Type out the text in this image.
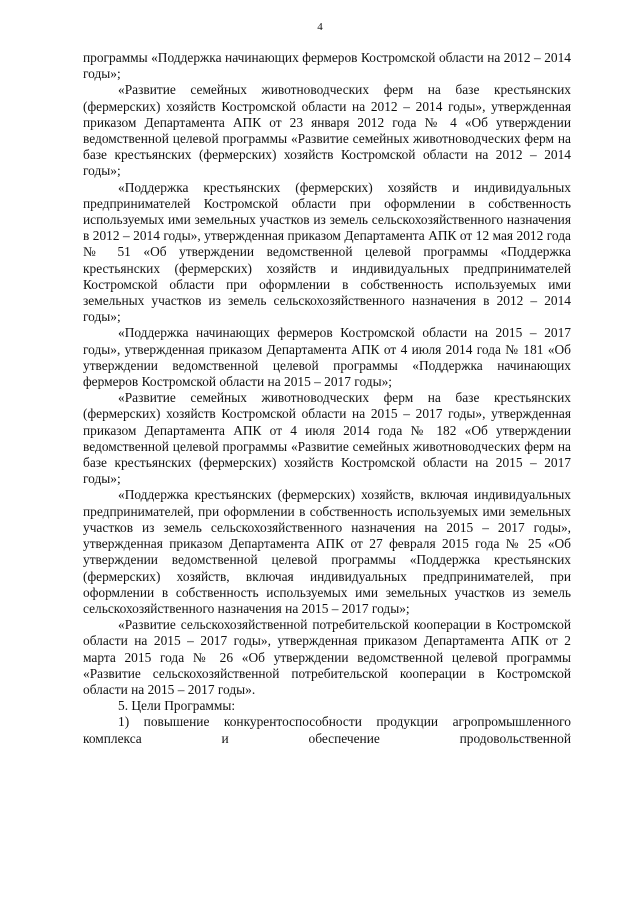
4

программы «Поддержка начинающих фермеров Костромской области на 2012 – 2014 годы»;

«Развитие семейных животноводческих ферм на базе крестьянских (фермерских) хозяйств Костромской области на 2012 – 2014 годы», утвержденная приказом Департамента АПК от 23 января 2012 года № 4 «Об утверждении ведомственной целевой программы «Развитие семейных животноводческих ферм на базе крестьянских (фермерских) хозяйств Костромской области на 2012 – 2014 годы»;

«Поддержка крестьянских (фермерских) хозяйств и индивидуальных предпринимателей Костромской области при оформлении в собственность используемых ими земельных участков из земель сельскохозяйственного назначения в 2012 – 2014 годы», утвержденная приказом Департамента АПК от 12 мая 2012 года № 51 «Об утверждении ведомственной целевой программы «Поддержка крестьянских (фермерских) хозяйств и индивидуальных предпринимателей Костромской области при оформлении в собственность используемых ими земельных участков из земель сельскохозяйственного назначения в 2012 – 2014 годы»;

«Поддержка начинающих фермеров Костромской области на 2015 – 2017 годы», утвержденная приказом Департамента АПК от 4 июля 2014 года № 181 «Об утверждении ведомственной целевой программы «Поддержка начинающих фермеров Костромской области на 2015 – 2017 годы»;

«Развитие семейных животноводческих ферм на базе крестьянских (фермерских) хозяйств Костромской области на 2015 – 2017 годы», утвержденная приказом Департамента АПК от 4 июля 2014 года № 182 «Об утверждении ведомственной целевой программы «Развитие семейных животноводческих ферм на базе крестьянских (фермерских) хозяйств Костромской области на 2015 – 2017 годы»;

«Поддержка крестьянских (фермерских) хозяйств, включая индивидуальных предпринимателей, при оформлении в собственность используемых ими земельных участков из земель сельскохозяйственного назначения на 2015 – 2017 годы», утвержденная приказом Департамента АПК от 27 февраля 2015 года № 25 «Об утверждении ведомственной целевой программы «Поддержка крестьянских (фермерских) хозяйств, включая индивидуальных предпринимателей, при оформлении в собственность используемых ими земельных участков из земель сельскохозяйственного назначения на 2015 – 2017 годы»;

«Развитие сельскохозяйственной потребительской кооперации в Костромской области на 2015 – 2017 годы», утвержденная приказом Департамента АПК от 2 марта 2015 года № 26 «Об утверждении ведомственной целевой программы «Развитие сельскохозяйственной потребительской кооперации в Костромской области на 2015 – 2017 годы».

5. Цели Программы:

1) повышение конкурентоспособности продукции агропромышленного комплекса и обеспечение продовольственной
